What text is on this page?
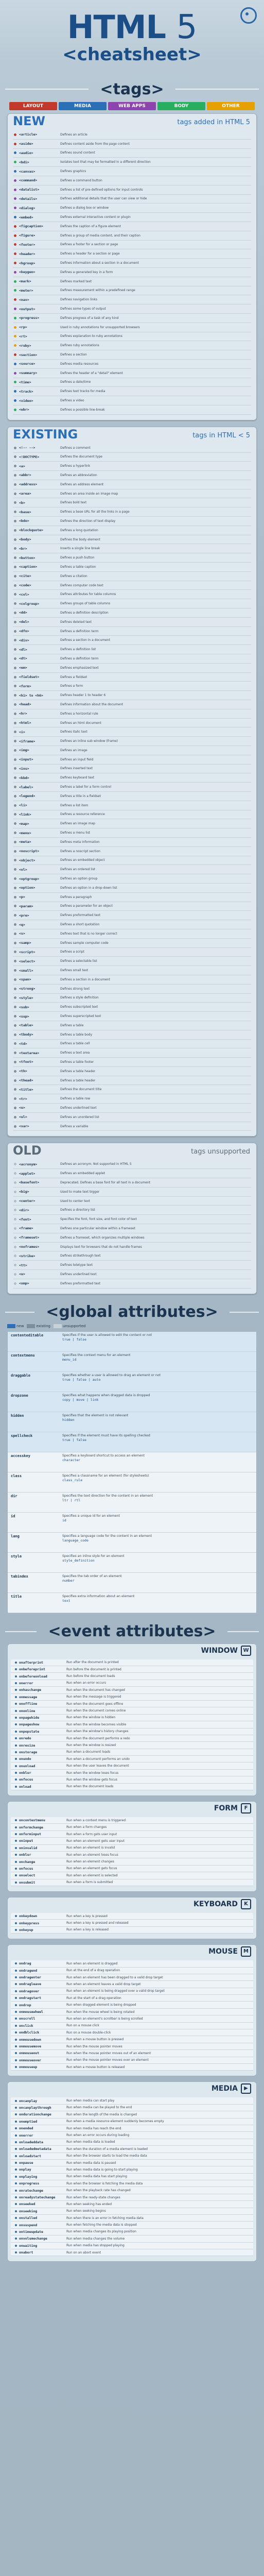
HTML 5
<cheatsheet>
<tags>
LAYOUT	MEDIA	WEB APPS	BODY	OTHER
NEW	tags added in HTML 5
<article>	Defines an article
<aside>	Defines content aside from the page content
<audio>	Defines sound content
<bdi>	Isolates text that may be formatted in a different direction
<canvas>	Defines graphics
<command>	Defines a command button
<datalist>	Defines a list of pre-defined options for input controls
<details>	Defines additional details that the user can view or hide
<dialog>	Defines a dialog box or window
<embed>	Defines external interactive content or plugin
<figcaption>	Defines the caption of a figure element
<figure>	Defines a group of media content, and their caption
<footer>	Defines a footer for a section or page
<header>	Defines a header for a section or page
<hgroup>	Defines information about a section in a document
<keygen>	Defines a generated key in a form
<mark>	Defines marked text
<meter>	Defines measurement within a predefined range
<nav>	Defines navigation links
<output>	Defines some types of output
<progress>	Defines progress of a task of any kind
<rp>	Used in ruby annotations for unsupported browsers
<rt>	Defines explanation to ruby annotations
<ruby>	Defines ruby annotations
<section>	Defines a section
<source>	Defines media resources
<summary>	Defines the header of a "detail" element
<time>	Defines a date/time
<track>	Defines text tracks for media
<video>	Defines a video
<wbr>	Defines a possible line-break
EXISTING	tags in HTML < 5
<!-- -->	Defines a comment
<!DOCTYPE>	Defines the document type
<a>	Defines a hyperlink
<abbr>	Defines an abbreviation
<address>	Defines an address element
<area>	Defines an area inside an image map
<b>	Defines bold text
<base>	Defines a base URL for all the links in a page
<bdo>	Defines the direction of text display
<blockquote>	Defines a long quotation
<body>	Defines the body element
<br>	Inserts a single line break
<button>	Defines a push button
<caption>	Defines a table caption
<cite>	Defines a citation
<code>	Defines computer code text
<col>	Defines attributes for table columns
<colgroup>	Defines groups of table columns
<dd>	Defines a definition description
<del>	Defines deleted text
<dfn>	Defines a definition term
<div>	Defines a section in a document
<dl>	Defines a definition list
<dt>	Defines a definition term
<em>	Defines emphasized text
<fieldset>	Defines a fieldset
<form>	Defines a form
<h1> to <h6>	Defines header 1 to header 6
<head>	Defines information about the document
<hr>	Defines a horizontal rule
<html>	Defines an html document
<i>	Defines italic text
<iframe>	Defines an inline sub window (frame)
<img>	Defines an image
<input>	Defines an input field
<ins>	Defines inserted text
<kbd>	Defines keyboard text
<label>	Defines a label for a form control
<legend>	Defines a title in a fieldset
<li>	Defines a list item
<link>	Defines a resource reference
<map>	Defines an image map
<menu>	Defines a menu list
<meta>	Defines meta information
<noscript>	Defines a noscript section
<object>	Defines an embedded object
<ol>	Defines an ordered list
<optgroup>	Defines an option group
<option>	Defines an option in a drop-down list
<p>	Defines a paragraph
<param>	Defines a parameter for an object
<pre>	Defines preformatted text
<q>	Defines a short quotation
<s>	Defines text that is no longer correct
<samp>	Defines sample computer code
<script>	Defines a script
<select>	Defines a selectable list
<small>	Defines small text
<span>	Defines a section in a document
<strong>	Defines strong text
<style>	Defines a style definition
<sub>	Defines subscripted text
<sup>	Defines superscripted text
<table>	Defines a table
<tbody>	Defines a table body
<td>	Defines a table cell
<textarea>	Defines a text area
<tfoot>	Defines a table footer
<th>	Defines a table header
<thead>	Defines a table header
<title>	Defines the document title
<tr>	Defines a table row
<u>	Defines underlined text
<ul>	Defines an unordered list
<var>	Defines a variable
OLD	tags unsupported
<acronym>	Defines an acronym. Not supported in HTML 5
<applet>	Defines an embedded applet
<basefont>	Deprecated. Defines a base font for all text in a document
<big>	Used to make text bigger
<center>	Used to center text
<dir>	Defines a directory list
<font>	Specifies the font, font size, and font color of text
<frame>	Defines one particular window within a frameset
<frameset>	Defines a frameset, which organizes multiple windows
<noframes>	Displays text for browsers that do not handle frames
<strike>	Defines strikethrough text
<tt>	Defines teletype text
<u>	Defines underlined text
<xmp>	Defines preformatted text
<global attributes>
new	existing	unsupported
contenteditable	Specifies if the user is allowed to edit the content or not
true | false
contextmenu	Specifies the context menu for an element
menu_id
draggable	Specifies whether a user is allowed to drag an element or not
true | false | auto
dropzone	Specifies what happens when dragged data is dropped
copy | move | link
hidden	Specifies that the element is not relevant
hidden
spellcheck	Specifies if the element must have its spelling checked
true | false
accesskey	Specifies a keyboard shortcut to access an element
character
class	Specifies a classname for an element (for stylesheets)
class_rule
dir	Specifies the text direction for the content in an element
ltr | rtl
id	Specifies a unique id for an element
id
lang	Specifies a language code for the content in an element
language_code
style	Specifies an inline style for an element
style_definition
tabindex	Specifies the tab order of an element
number
title	Specifies extra information about an element
text
<event attributes>
WINDOW	W
onafterprint	Run after the document is printed
onbeforeprint	Run before the document is printed
onbeforeonload	Run before the document loads
onerror	Run when an error occurs
onhaschange	Run when the document has changed
onmessage	Run when the message is triggered
onoffline	Run when the document goes offline
ononline	Run when the document comes online
onpagehide	Run when the window is hidden
onpageshow	Run when the window becomes visible
onpopstate	Run when the window's history changes
onredo	Run when the document performs a redo
onresize	Run when the window is resized
onstorage	Run when a document loads
onundo	Run when a document performs an undo
onunload	Run when the user leaves the document
onblur	Run when the window loses focus
onfocus	Run when the window gets focus
onload	Run when the document loads
FORM	F
oncontextmenu	Run when a context menu is triggered
onformchange	Run when a form changes
onforminput	Run when a form gets user input
oninput	Run when an element gets user input
oninvalid	Run when an element is invalid
onblur	Run when an element loses focus
onchange	Run when an element changes
onfocus	Run when an element gets focus
onselect	Run when an element is selected
onsubmit	Run when a form is submitted
KEYBOARD	K
onkeydown	Run when a key is pressed
onkeypress	Run when a key is pressed and released
onkeyup	Run when a key is released
MOUSE	M
ondrag	Run when an element is dragged
ondragend	Run at the end of a drag operation
ondragenter	Run when an element has been dragged to a valid drop target
ondragleave	Run when an element leaves a valid drop target
ondragover	Run when an element is being dragged over a valid drop target
ondragstart	Run at the start of a drag operation
ondrop	Run when dragged element is being dropped
onmousewheel	Run when the mouse wheel is being rotated
onscroll	Run when an element's scrollbar is being scrolled
onclick	Run on a mouse click
ondblclick	Run on a mouse double-click
onmousedown	Run when a mouse button is pressed
onmousemove	Run when the mouse pointer moves
onmouseout	Run when the mouse pointer moves out of an element
onmouseover	Run when the mouse pointer moves over an element
onmouseup	Run when a mouse button is released
MEDIA	▶
oncanplay	Run when media can start play
oncanplaythrough	Run when media can be played to the end
ondurationchange	Run when the length of the media is changed
onemptied	Run when a media resource element suddenly becomes empty
onended	Run when media has reach the end
onerror	Run when an error occurs during loading
onloadeddata	Run when media data is loaded
onloadedmetadata	Run when the duration of a media element is loaded
onloadstart	Run when the browser starts to load the media data
onpause	Run when media data is paused
onplay	Run when media data is going to start playing
onplaying	Run when media data has start playing
onprogress	Run when the browser is fetching the media data
onratechange	Run when the playback rate has changed
onreadystatechange	Run when the ready-state changes
onseeked	Run when seeking has ended
onseeking	Run when seeking begins
onstalled	Run when there is an error in fetching media data
onsuspend	Run when fetching the media data is stopped
ontimeupdate	Run when media changes its playing position
onvolumechange	Run when media changes the volume
onwaiting	Run when media has stopped playing
onabort	Run on an abort event
